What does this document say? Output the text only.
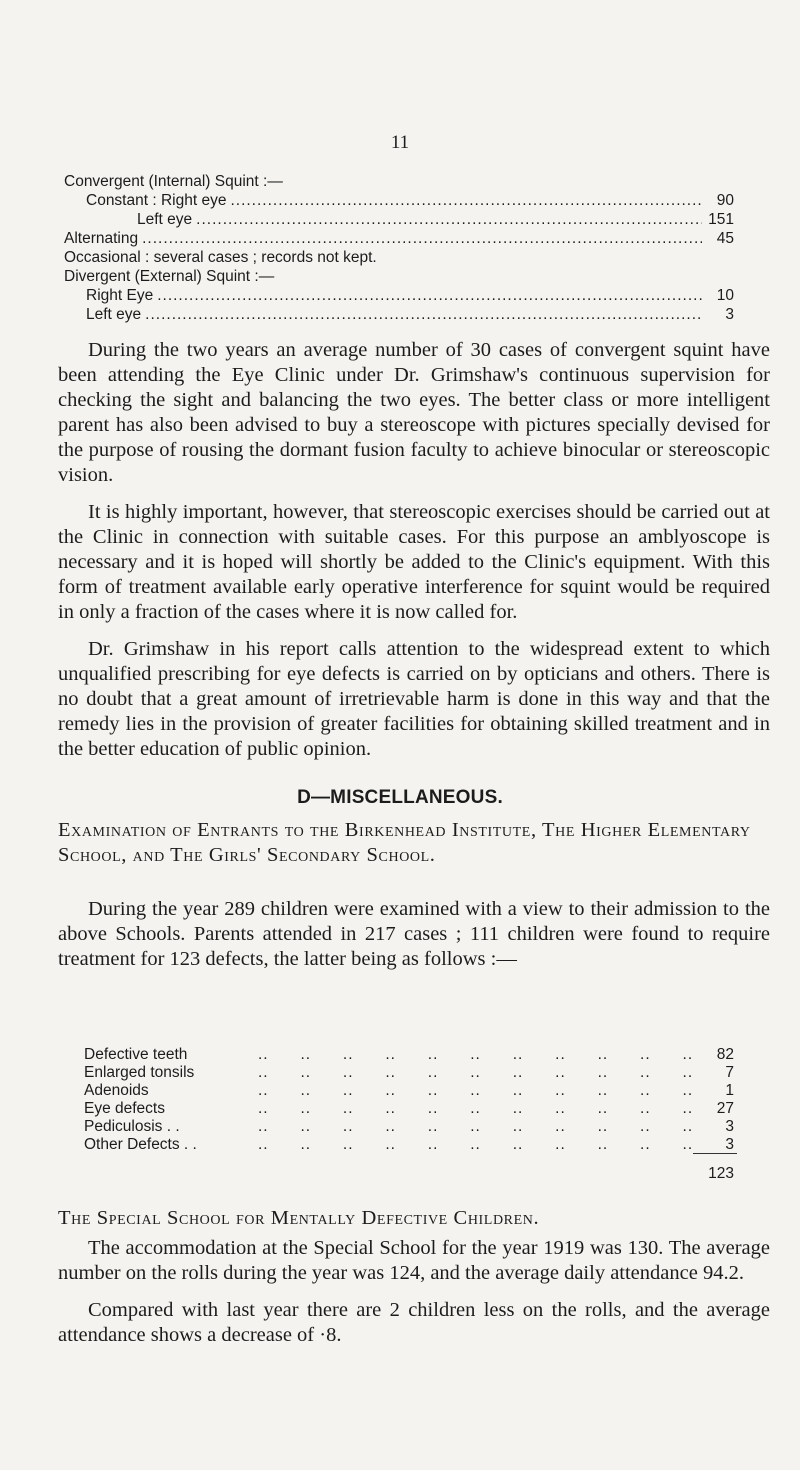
11
Convergent (Internal) Squint :—
Constant : Right eye .....	90
Left eye .....	151
Alternating .....	45
Occasional : several cases ; records not kept.
Divergent (External) Squint :—
Right Eye .....	10
Left eye .....	3

During the two years an average number of 30 cases of convergent squint have been attending the Eye Clinic under Dr. Grimshaw's continuous supervision for checking the sight and balancing the two eyes. The better class or more intelligent parent has also been advised to buy a stereoscope with pictures specially devised for the purpose of rousing the dormant fusion faculty to achieve binocular or stereoscopic vision.

It is highly important, however, that stereoscopic exercises should be carried out at the Clinic in connection with suitable cases. For this purpose an amblyoscope is necessary and it is hoped will shortly be added to the Clinic's equipment. With this form of treatment available early operative interference for squint would be required in only a fraction of the cases where it is now called for.

Dr. Grimshaw in his report calls attention to the widespread extent to which unqualified prescribing for eye defects is carried on by opticians and others. There is no doubt that a great amount of irretrievable harm is done in this way and that the remedy lies in the provision of greater facilities for obtaining skilled treatment and in the better education of public opinion.

D—MISCELLANEOUS.
Examination of Entrants to the Birkenhead Institute, The Higher Elementary School, and The Girls' Secondary School.

During the year 289 children were examined with a view to their admission to the above Schools. Parents attended in 217 cases ; 111 children were found to require treatment for 123 defects, the latter being as follows :—

Defective teeth ..	82
Enlarged tonsils ..	7
Adenoids ..	1
Eye defects ..	27
Pediculosis . . ..	3
Other Defects . . ..	3
123
The Special School for Mentally Defective Children.

The accommodation at the Special School for the year 1919 was 130. The average number on the rolls during the year was 124, and the average daily attendance 94.2.

Compared with last year there are 2 children less on the rolls, and the average attendance shows a decrease of ·8.
